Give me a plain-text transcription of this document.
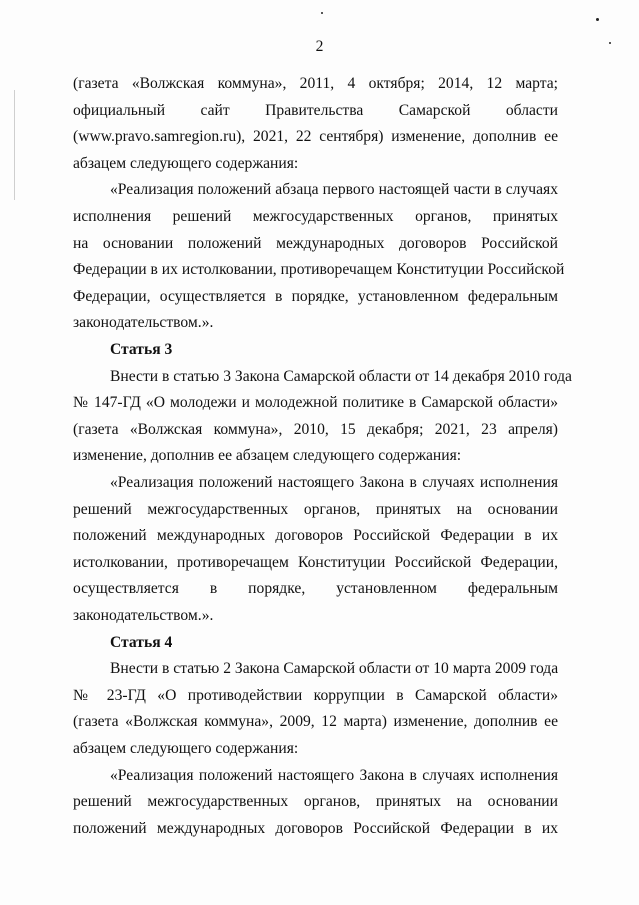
2
(газета «Волжская коммуна», 2011, 4 октября; 2014, 12 марта;
официальный сайт Правительства Самарской области
(www.pravo.samregion.ru), 2021, 22 сентября) изменение, дополнив ее
абзацем следующего содержания:
«Реализация положений абзаца первого настоящей части в случаях
исполнения решений межгосударственных органов, принятых
на основании положений международных договоров Российской
Федерации в их истолковании, противоречащем Конституции Российской
Федерации, осуществляется в порядке, установленном федеральным
законодательством.».
Статья 3
Внести в статью 3 Закона Самарской области от 14 декабря 2010 года
№ 147-ГД «О молодежи и молодежной политике в Самарской области»
(газета «Волжская коммуна», 2010, 15 декабря; 2021, 23 апреля)
изменение, дополнив ее абзацем следующего содержания:
«Реализация положений настоящего Закона в случаях исполнения
решений межгосударственных органов, принятых на основании
положений международных договоров Российской Федерации в их
истолковании, противоречащем Конституции Российской Федерации,
осуществляется в порядке, установленном федеральным
законодательством.».
Статья 4
Внести в статью 2 Закона Самарской области от 10 марта 2009 года
№ 23-ГД «О противодействии коррупции в Самарской области»
(газета «Волжская коммуна», 2009, 12 марта) изменение, дополнив ее
абзацем следующего содержания:
«Реализация положений настоящего Закона в случаях исполнения
решений межгосударственных органов, принятых на основании
положений международных договоров Российской Федерации в их
